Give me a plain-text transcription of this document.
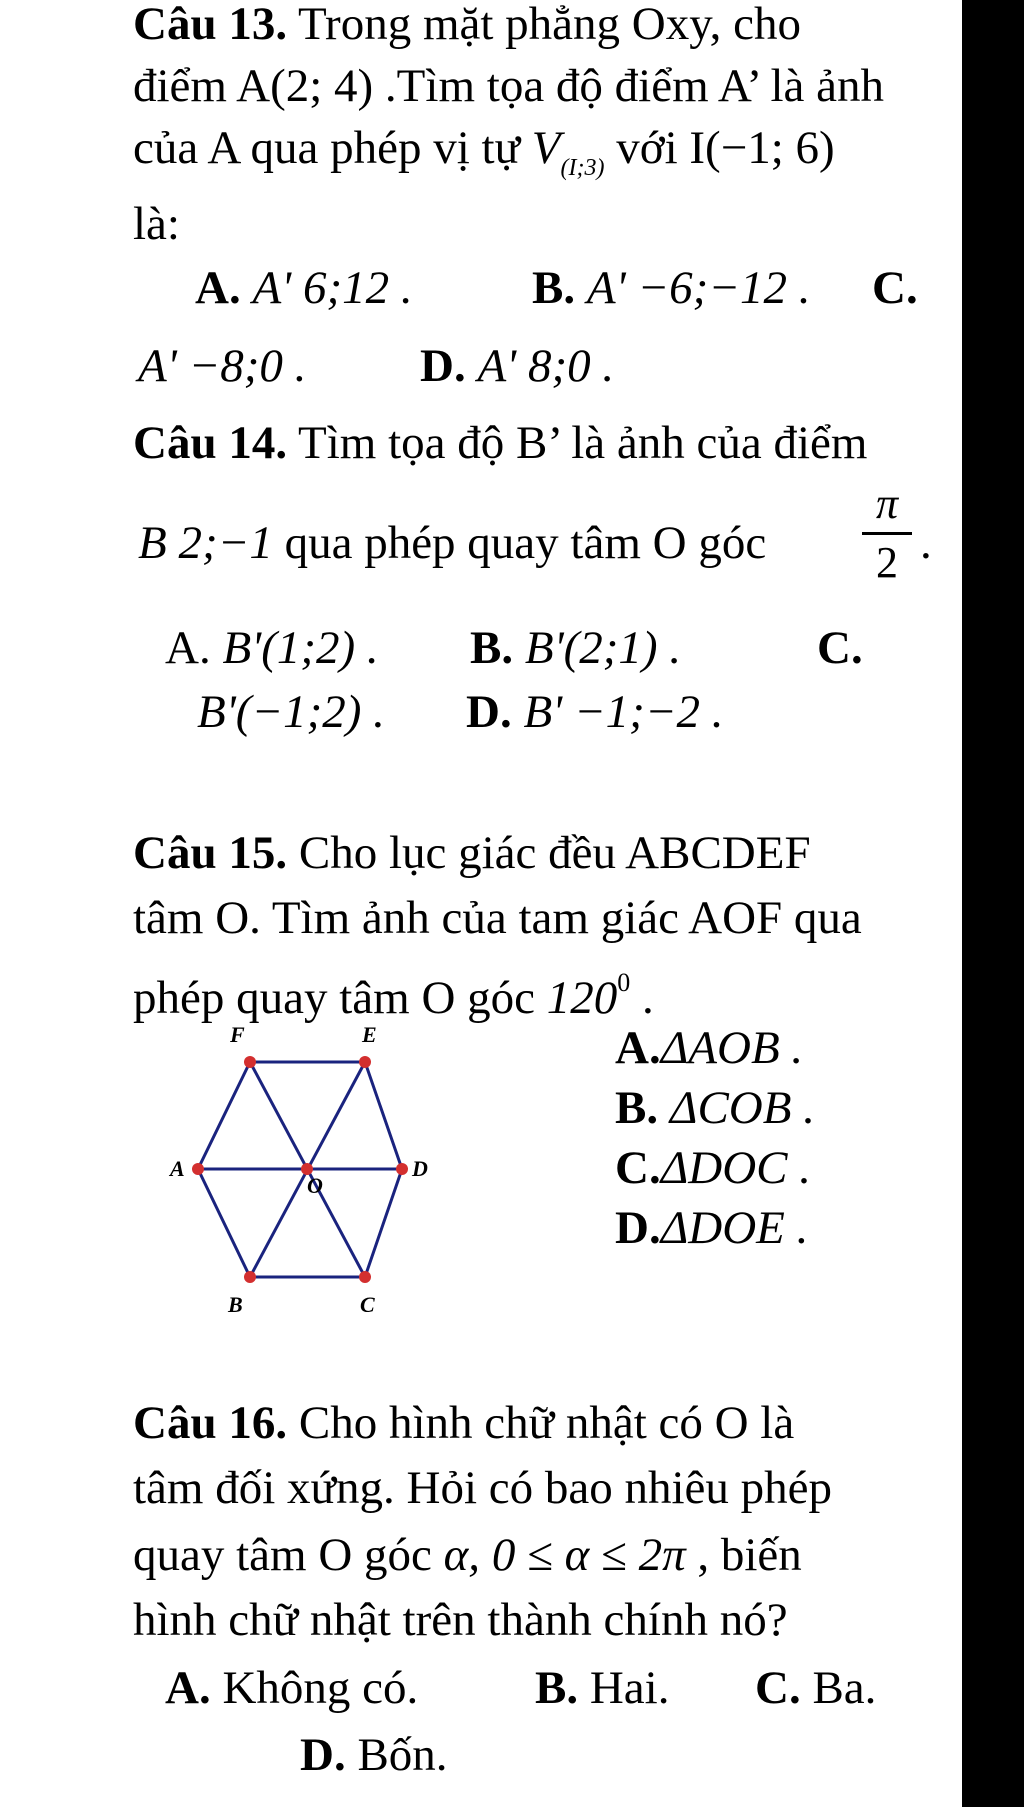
Câu 13. Trong mặt phẳng Oxy, cho
điểm A(2; 4) .Tìm tọa độ điểm A’ là ảnh
của A qua phép vị tự $V_{(I;3)}$ với I(−1; 6)
là:
A. A' 6;12 .	B. A' −6;−12 . C.
A' −8;0 . D. A' 8;0 .
Câu 14. Tìm tọa độ B’ là ảnh của điểm
B 2;−1 qua phép quay tâm O góc
π
2 .
A. B'(1;2) . B. B'(2;1) .	C.
B'(−1;2) . D. B' −1;−2 .
Câu 15. Cho lục giác đều ABCDEF
tâm O. Tìm ảnh của tam giác AOF qua
phép quay tâm O góc $120^0$ .
A.ΔAOB .
B. ΔCOB .
C.ΔDOC .
D.ΔDOE .
F	E
A
O
D
B	C
Câu 16. Cho hình chữ nhật có O là
tâm đối xứng. Hỏi có bao nhiêu phép
quay tâm O góc α, 0 ≤ α ≤ 2π , biến
hình chữ nhật trên thành chính nó?
A. Không có. B. Hai. C. Ba.
D. Bốn.
